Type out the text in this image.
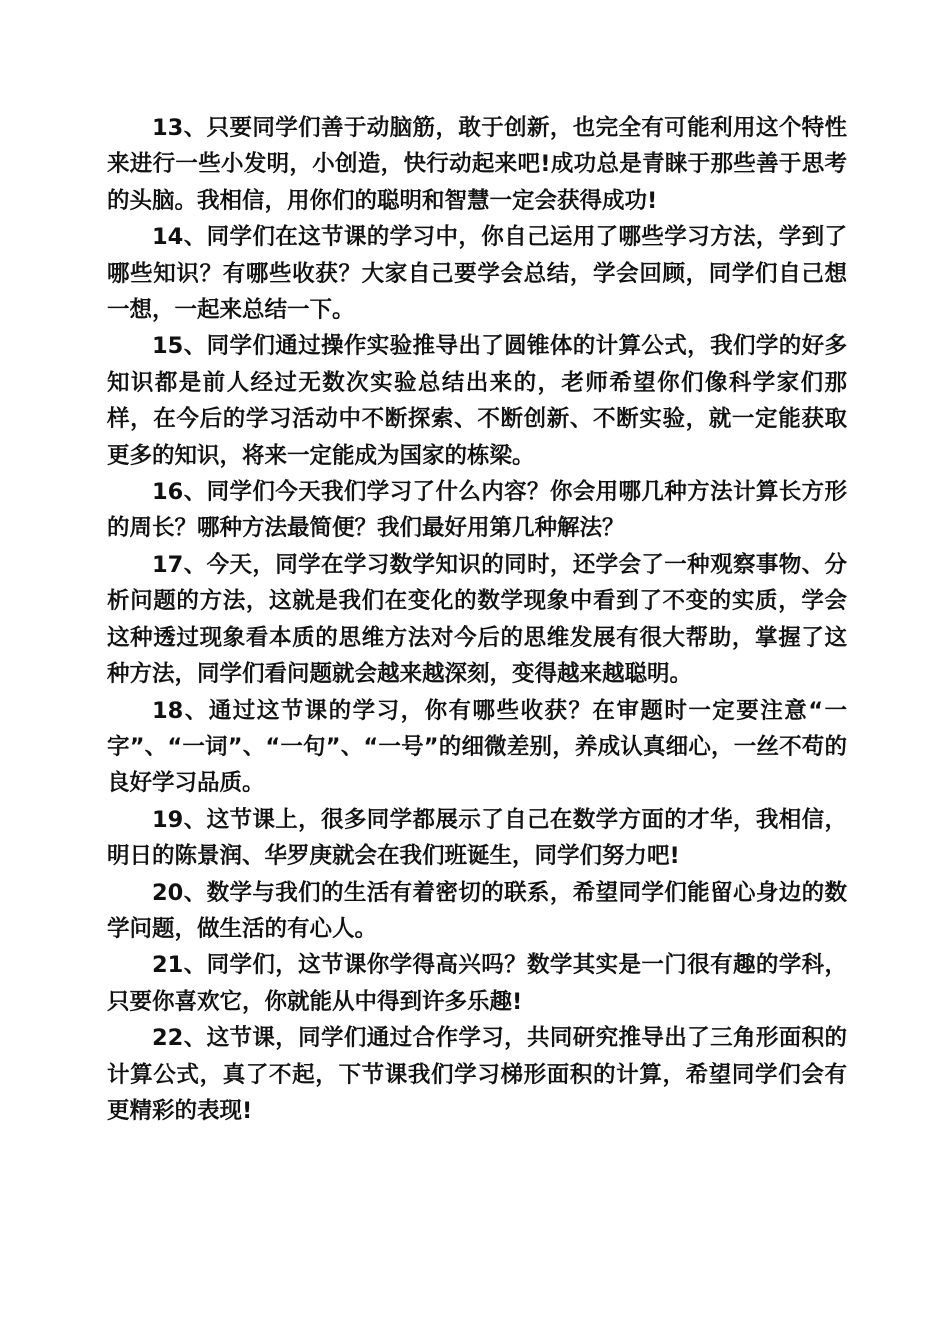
13、只要同学们善于动脑筋，敢于创新，也完全有可能利用这个特性来进行一些小发明，小创造，快行动起来吧!成功总是青睐于那些善于思考的头脑。我相信，用你们的聪明和智慧一定会获得成功!

14、同学们在这节课的学习中，你自己运用了哪些学习方法，学到了哪些知识？有哪些收获？大家自己要学会总结，学会回顾，同学们自己想一想，一起来总结一下。

15、同学们通过操作实验推导出了圆锥体的计算公式，我们学的好多知识都是前人经过无数次实验总结出来的，老师希望你们像科学家们那样，在今后的学习活动中不断探索、不断创新、不断实验，就一定能获取更多的知识，将来一定能成为国家的栋梁。

16、同学们今天我们学习了什么内容？你会用哪几种方法计算长方形的周长？哪种方法最简便？我们最好用第几种解法？

17、今天，同学在学习数学知识的同时，还学会了一种观察事物、分析问题的方法，这就是我们在变化的数学现象中看到了不变的实质，学会这种透过现象看本质的思维方法对今后的思维发展有很大帮助，掌握了这种方法，同学们看问题就会越来越深刻，变得越来越聪明。

18、通过这节课的学习，你有哪些收获？在审题时一定要注意“一字”、“一词”、“一句”、“一号”的细微差别，养成认真细心，一丝不苟的良好学习品质。

19、这节课上，很多同学都展示了自己在数学方面的才华，我相信，明日的陈景润、华罗庚就会在我们班诞生，同学们努力吧!

20、数学与我们的生活有着密切的联系，希望同学们能留心身边的数学问题，做生活的有心人。

21、同学们，这节课你学得高兴吗？数学其实是一门很有趣的学科，只要你喜欢它，你就能从中得到许多乐趣!

22、这节课，同学们通过合作学习，共同研究推导出了三角形面积的计算公式，真了不起，下节课我们学习梯形面积的计算，希望同学们会有更精彩的表现!
